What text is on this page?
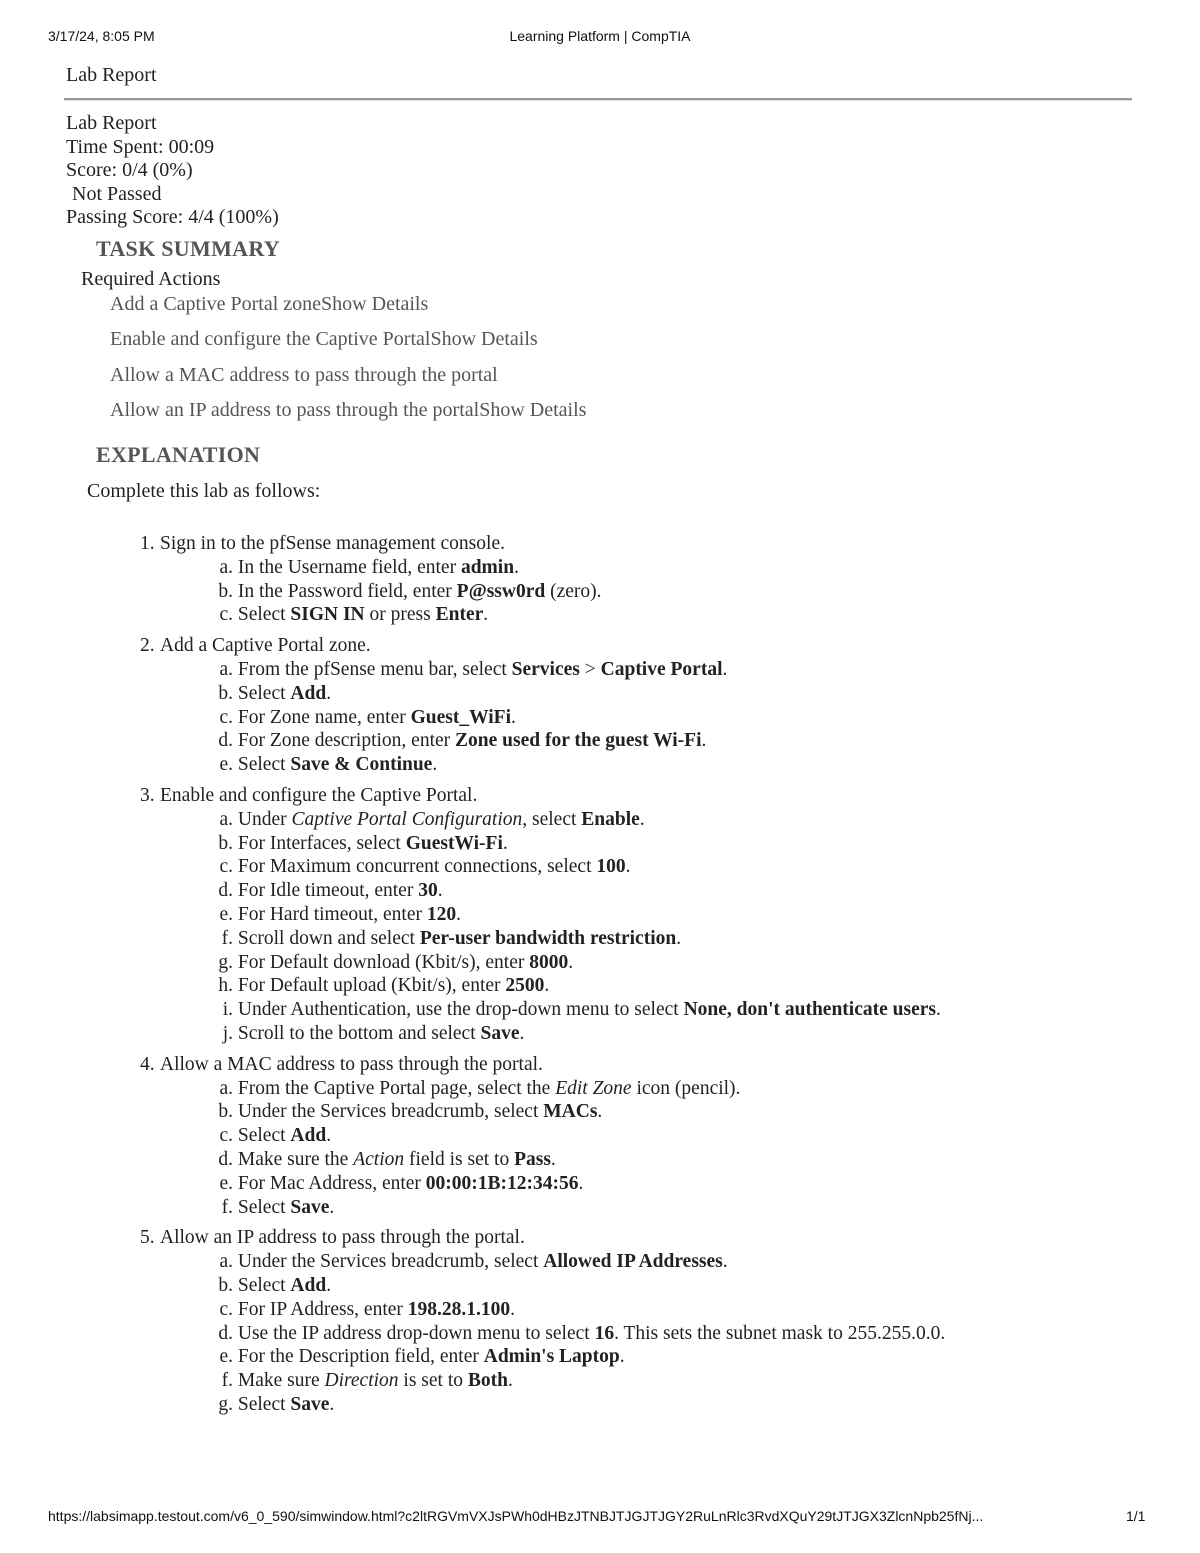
3/17/24, 8:05 PM	Learning Platform | CompTIA
Lab Report
Lab Report
Time Spent: 00:09
Score: 0/4 (0%)
Not Passed
Passing Score: 4/4 (100%)
TASK SUMMARY
Required Actions
Add a Captive Portal zoneShow Details
Enable and configure the Captive PortalShow Details
Allow a MAC address to pass through the portal
Allow an IP address to pass through the portalShow Details
EXPLANATION
Complete this lab as follows:
1. Sign in to the pfSense management console.
a. In the Username field, enter admin.
b. In the Password field, enter P@ssw0rd (zero).
c. Select SIGN IN or press Enter.
2. Add a Captive Portal zone.
a. From the pfSense menu bar, select Services > Captive Portal.
b. Select Add.
c. For Zone name, enter Guest_WiFi.
d. For Zone description, enter Zone used for the guest Wi-Fi.
e. Select Save & Continue.
3. Enable and configure the Captive Portal.
a. Under Captive Portal Configuration, select Enable.
b. For Interfaces, select GuestWi-Fi.
c. For Maximum concurrent connections, select 100.
d. For Idle timeout, enter 30.
e. For Hard timeout, enter 120.
f. Scroll down and select Per-user bandwidth restriction.
g. For Default download (Kbit/s), enter 8000.
h. For Default upload (Kbit/s), enter 2500.
i. Under Authentication, use the drop-down menu to select None, don't authenticate users.
j. Scroll to the bottom and select Save.
4. Allow a MAC address to pass through the portal.
a. From the Captive Portal page, select the Edit Zone icon (pencil).
b. Under the Services breadcrumb, select MACs.
c. Select Add.
d. Make sure the Action field is set to Pass.
e. For Mac Address, enter 00:00:1B:12:34:56.
f. Select Save.
5. Allow an IP address to pass through the portal.
a. Under the Services breadcrumb, select Allowed IP Addresses.
b. Select Add.
c. For IP Address, enter 198.28.1.100.
d. Use the IP address drop-down menu to select 16. This sets the subnet mask to 255.255.0.0.
e. For the Description field, enter Admin's Laptop.
f. Make sure Direction is set to Both.
g. Select Save.
https://labsimapp.testout.com/v6_0_590/simwindow.html?c2ltRGVmVXJsPWh0dHBzJTNBJTJGJTJGY2RuLnRlc3RvdXQuY29tJTJGX3ZlcnNpb25fNj...	1/1
